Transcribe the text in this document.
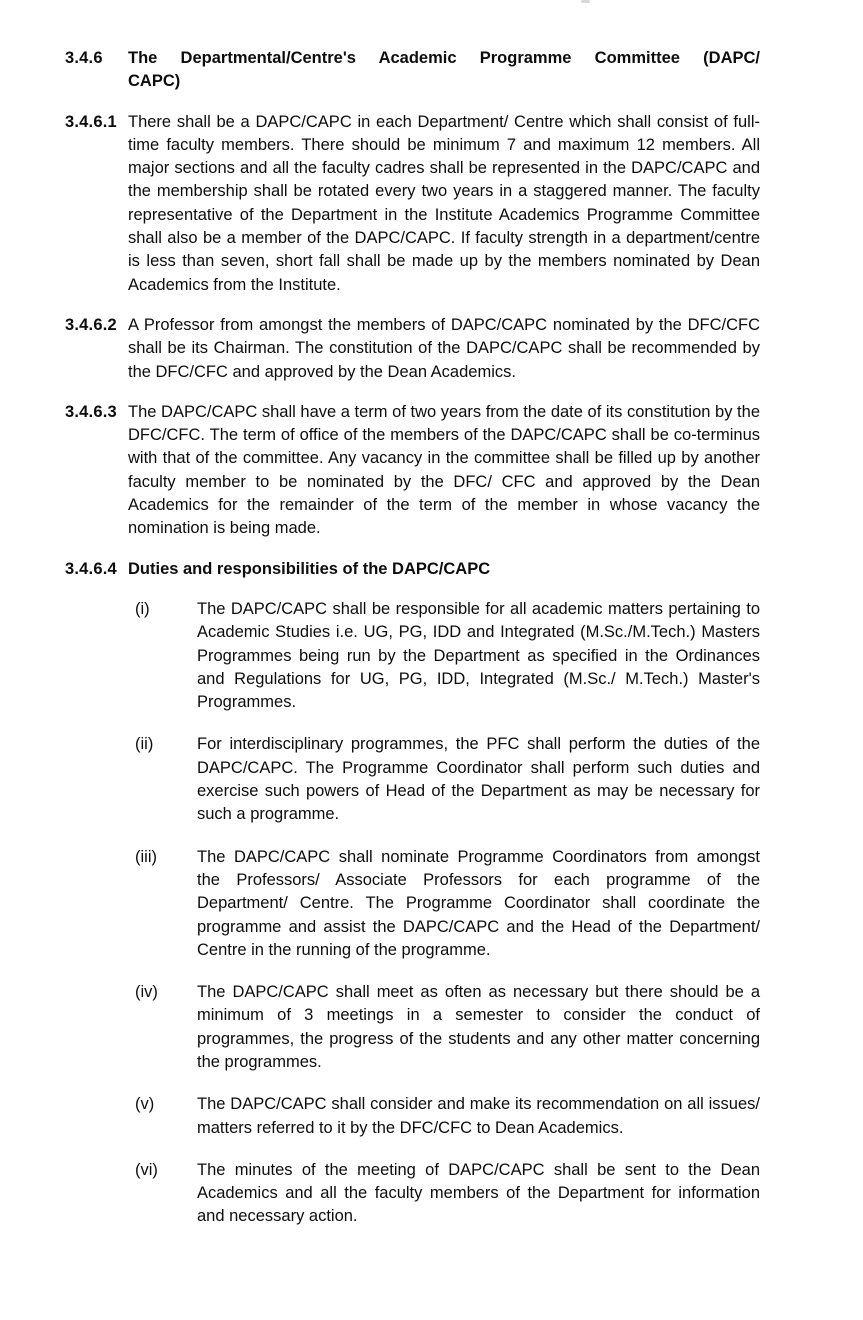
3.4.6	The Departmental/Centre's Academic Programme Committee (DAPC/
CAPC)
3.4.6.1 There shall be a DAPC/CAPC in each Department/ Centre which shall consist of full-time faculty members. There should be minimum 7 and maximum 12 members. All major sections and all the faculty cadres shall be represented in the DAPC/CAPC and the membership shall be rotated every two years in a staggered manner. The faculty representative of the Department in the Institute Academics Programme Committee shall also be a member of the DAPC/CAPC. If faculty strength in a department/centre is less than seven, short fall shall be made up by the members nominated by Dean Academics from the Institute.
3.4.6.2 A Professor from amongst the members of DAPC/CAPC nominated by the DFC/CFC shall be its Chairman. The constitution of the DAPC/CAPC shall be recommended by the DFC/CFC and approved by the Dean Academics.
3.4.6.3 The DAPC/CAPC shall have a term of two years from the date of its constitution by the DFC/CFC. The term of office of the members of the DAPC/CAPC shall be co-terminus with that of the committee. Any vacancy in the committee shall be filled up by another faculty member to be nominated by the DFC/ CFC and approved by the Dean Academics for the remainder of the term of the member in whose vacancy the nomination is being made.
3.4.6.4 Duties and responsibilities of the DAPC/CAPC
(i)	The DAPC/CAPC shall be responsible for all academic matters pertaining to Academic Studies i.e. UG, PG, IDD and Integrated (M.Sc./M.Tech.) Masters Programmes being run by the Department as specified in the Ordinances and Regulations for UG, PG, IDD, Integrated (M.Sc./ M.Tech.) Master's Programmes.
(ii)	For interdisciplinary programmes, the PFC shall perform the duties of the DAPC/CAPC. The Programme Coordinator shall perform such duties and exercise such powers of Head of the Department as may be necessary for such a programme.
(iii)	The DAPC/CAPC shall nominate Programme Coordinators from amongst the Professors/ Associate Professors for each programme of the Department/ Centre. The Programme Coordinator shall coordinate the programme and assist the DAPC/CAPC and the Head of the Department/ Centre in the running of the programme.
(iv)	The DAPC/CAPC shall meet as often as necessary but there should be a minimum of 3 meetings in a semester to consider the conduct of programmes, the progress of the students and any other matter concerning the programmes.
(v)	The DAPC/CAPC shall consider and make its recommendation on all issues/ matters referred to it by the DFC/CFC to Dean Academics.
(vi)	The minutes of the meeting of DAPC/CAPC shall be sent to the Dean Academics and all the faculty members of the Department for information and necessary action.
